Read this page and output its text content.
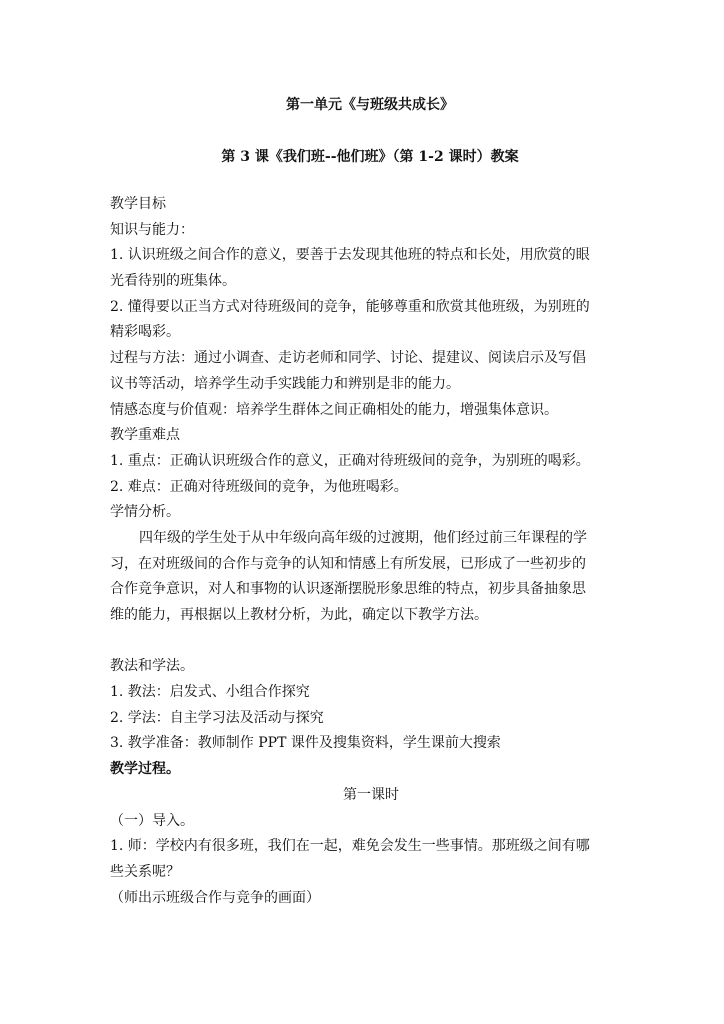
第一单元《与班级共成长》
第 3 课《我们班--他们班》（第 1-2 课时）教案
教学目标
知识与能力：
1. 认识班级之间合作的意义，要善于去发现其他班的特点和长处，用欣赏的眼
光看待别的班集体。
2. 懂得要以正当方式对待班级间的竞争，能够尊重和欣赏其他班级，为别班的
精彩喝彩。
过程与方法：通过小调查、走访老师和同学、讨论、提建议、阅读启示及写倡
议书等活动，培养学生动手实践能力和辨别是非的能力。
情感态度与价值观：培养学生群体之间正确相处的能力，增强集体意识。
教学重难点
1. 重点：正确认识班级合作的意义，正确对待班级间的竞争，为别班的喝彩。
2. 难点：正确对待班级间的竞争，为他班喝彩。
学情分析。
四年级的学生处于从中年级向高年级的过渡期，他们经过前三年课程的学
习，在对班级间的合作与竞争的认知和情感上有所发展，已形成了一些初步的
合作竞争意识，对人和事物的认识逐渐摆脱形象思维的特点，初步具备抽象思
维的能力，再根据以上教材分析，为此，确定以下教学方法。
教法和学法。
1. 教法：启发式、小组合作探究
2. 学法：自主学习法及活动与探究
3. 教学准备：教师制作 PPT 课件及搜集资料，学生课前大搜索
教学过程。
第一课时
（一）导入。
1. 师：学校内有很多班，我们在一起，难免会发生一些事情。那班级之间有哪
些关系呢？
（师出示班级合作与竞争的画面）
